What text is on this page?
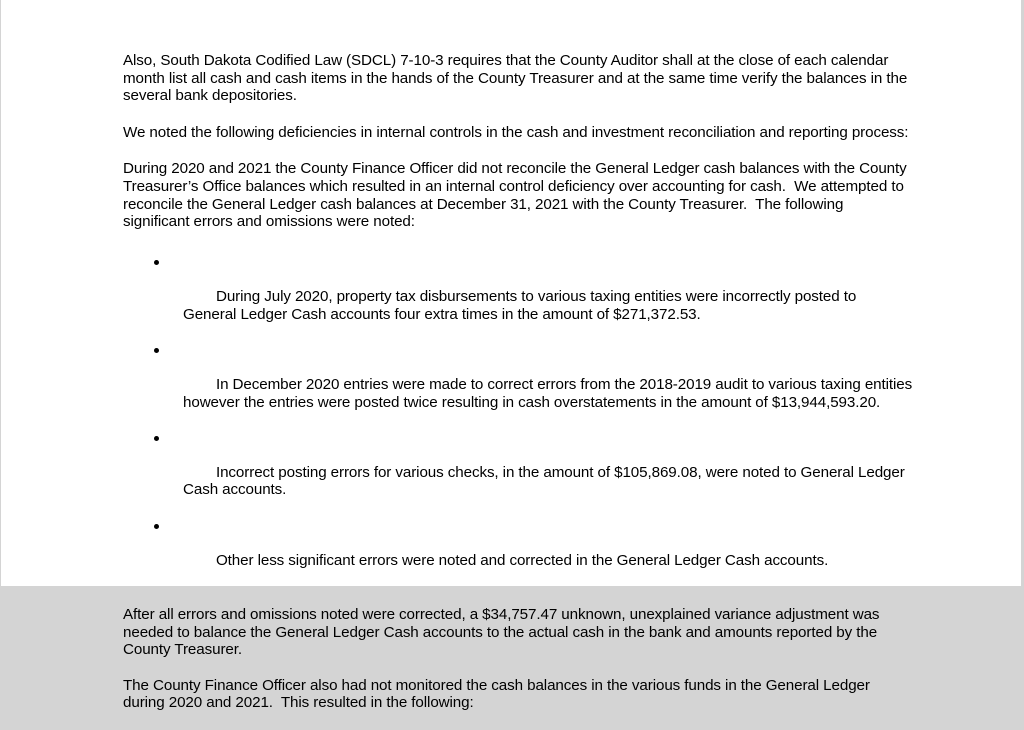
Also, South Dakota Codified Law (SDCL) 7-10-3 requires that the County Auditor shall at the close of each calendar month list all cash and cash items in the hands of the County Treasurer and at the same time verify the balances in the several bank depositories.

We noted the following deficiencies in internal controls in the cash and investment reconciliation and reporting process:

During 2020 and 2021 the County Finance Officer did not reconcile the General Ledger cash balances with the County Treasurer’s Office balances which resulted in an internal control deficiency over accounting for cash.  We attempted to reconcile the General Ledger cash balances at December 31, 2021 with the County Treasurer.  The following significant errors and omissions were noted:

During July 2020, property tax disbursements to various taxing entities were incorrectly posted to General Ledger Cash accounts four extra times in the amount of $271,372.53.

In December 2020 entries were made to correct errors from the 2018-2019 audit to various taxing entities however the entries were posted twice resulting in cash overstatements in the amount of $13,944,593.20.

Incorrect posting errors for various checks, in the amount of $105,869.08, were noted to General Ledger Cash accounts.

Other less significant errors were noted and corrected in the General Ledger Cash accounts.

After all errors and omissions noted were corrected, a $34,757.47 unknown, unexplained variance adjustment was needed to balance the General Ledger Cash accounts to the actual cash in the bank and amounts reported by the County Treasurer.

The County Finance Officer also had not monitored the cash balances in the various funds in the General Ledger during 2020 and 2021.  This resulted in the following:
